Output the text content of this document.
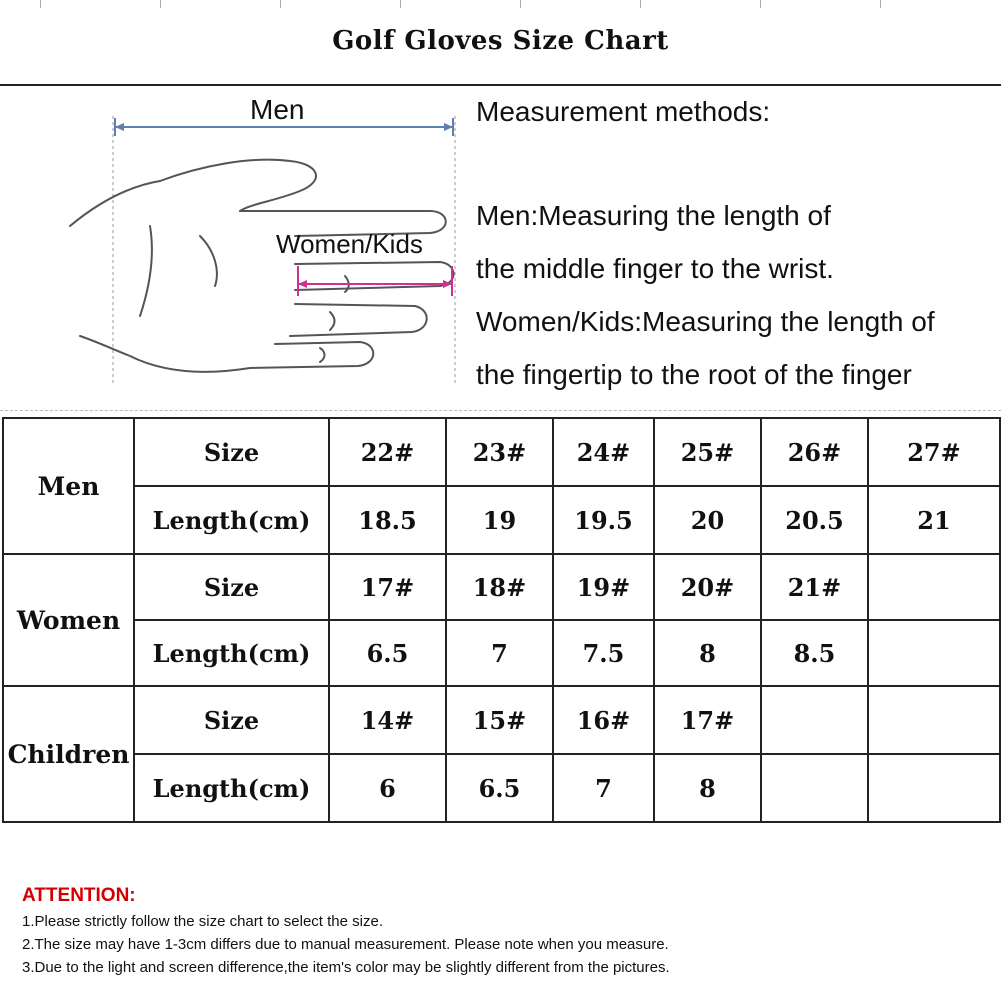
Golf Gloves Size Chart
Men
Women/Kids
Measurement methods:
Men:Measuring the length of
the middle finger to the wrist.
Women/Kids:Measuring the length of
the fingertip to the root of the finger
Men	Size	22#	23#	24#	25#	26#	27#
	Length(cm)	18.5	19	19.5	20	20.5	21
Women	Size	17#	18#	19#	20#	21#	
	Length(cm)	6.5	7	7.5	8	8.5	
Children	Size	14#	15#	16#	17#		
	Length(cm)	6	6.5	7	8		
ATTENTION:
1.Please strictly follow the size chart to select the size.
2.The size may have 1-3cm differs due to manual measurement. Please note when you measure.
3.Due to the light and screen difference,the item's color may be slightly different from the pictures.
